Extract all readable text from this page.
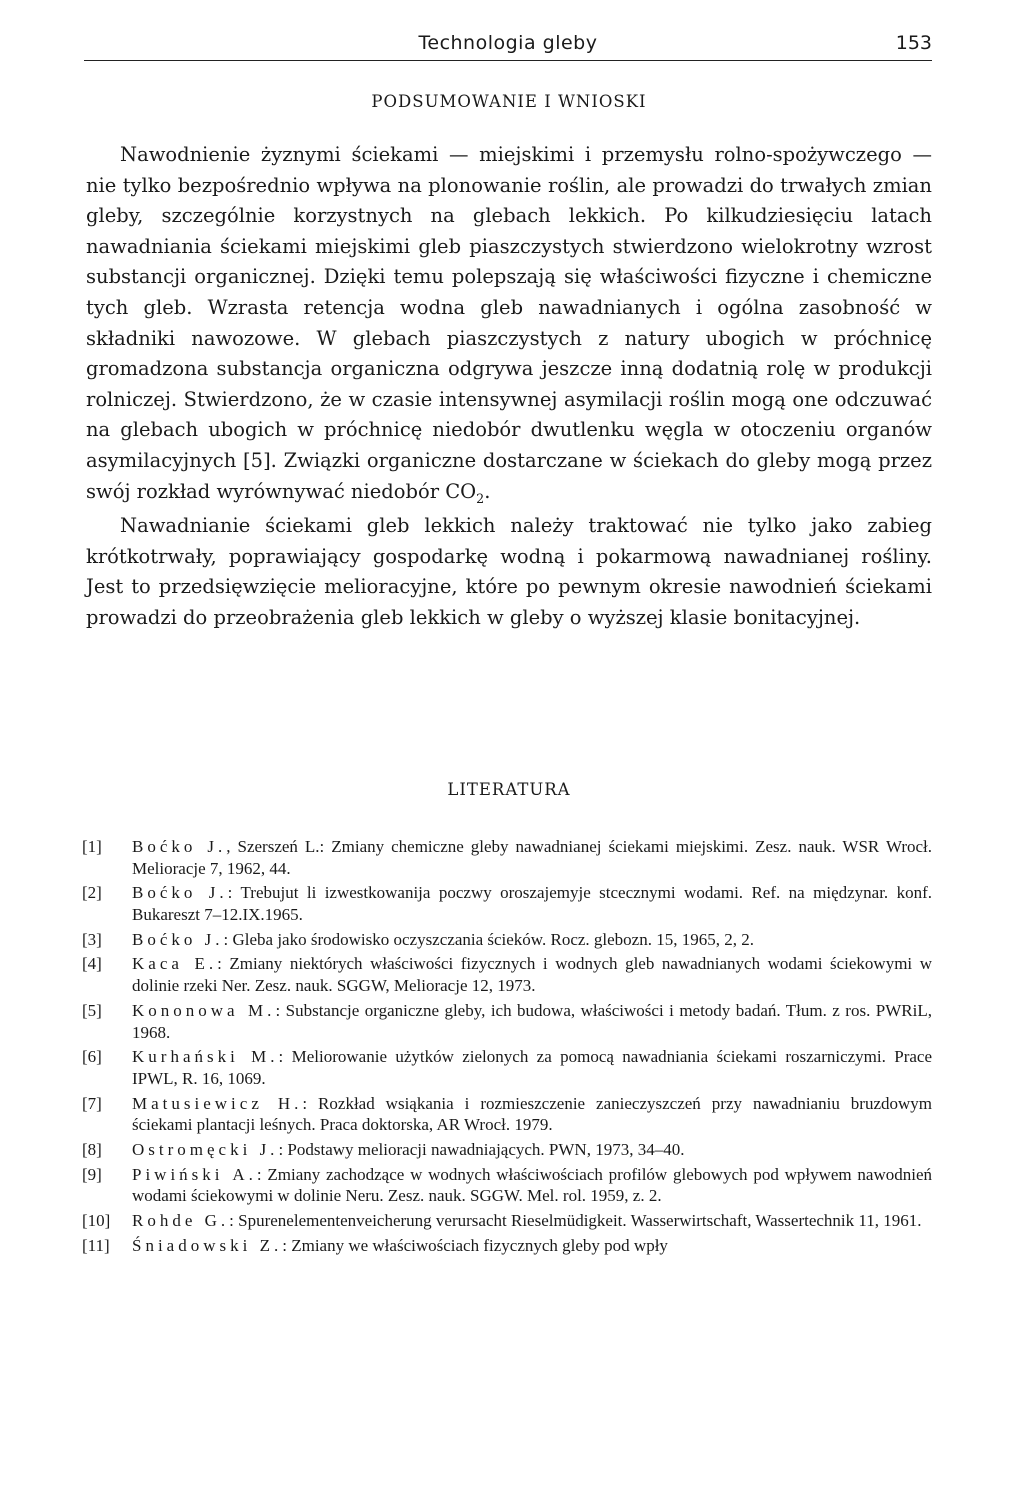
Technologia gleby	153
PODSUMOWANIE I WNIOSKI

Nawodnienie żyznymi ściekami — miejskimi i przemysłu rolno-spożywczego — nie tylko bezpośrednio wpływa na plonowanie roślin, ale prowadzi do trwałych zmian gleby, szczególnie korzystnych na glebach lekkich. Po kilkudziesięciu latach nawadniania ściekami miejskimi gleb piaszczystych stwierdzono wielokrotny wzrost substancji organicznej. Dzięki temu polepszają się właściwości fizyczne i chemiczne tych gleb. Wzrasta retencja wodna gleb nawadnianych i ogólna zasobność w składniki nawozowe. W glebach piaszczystych z natury ubogich w próchnicę gromadzona substancja organiczna odgrywa jeszcze inną dodatnią rolę w produkcji rolniczej. Stwierdzono, że w czasie intensywnej asymilacji roślin mogą one odczuwać na glebach ubogich w próchnicę niedobór dwutlenku węgla w otoczeniu organów asymilacyjnych [5]. Związki organiczne dostarczane w ściekach do gleby mogą przez swój rozkład wyrównywać niedobór $CO_2$.

Nawadnianie ściekami gleb lekkich należy traktować nie tylko jako zabieg krótkotrwały, poprawiający gospodarkę wodną i pokarmową nawadnianej rośliny. Jest to przedsięwzięcie melioracyjne, które po pewnym okresie nawodnień ściekami prowadzi do przeobrażenia gleb lekkich w gleby o wyższej klasie bonitacyjnej.

LITERATURA
[1]	Boćko J., Szerszeń L.: Zmiany chemiczne gleby nawadnianej ściekami miejskimi. Zesz. nauk. WSR Wrocł. Melioracje 7, 1962, 44.
[2]	Boćko J.: Trebujut li izwestkowanija poczwy oroszajemyje stcecznymi wodami. Ref. na międzynar. konf. Bukareszt 7–12.IX.1965.
[3]	Boćko J.: Gleba jako środowisko oczyszczania ścieków. Rocz. glebozn. 15, 1965, 2, 2.
[4]	Kaca E.: Zmiany niektórych właściwości fizycznych i wodnych gleb nawadnianych wodami ściekowymi w dolinie rzeki Ner. Zesz. nauk. SGGW, Melioracje 12, 1973.
[5]	Kononowa M.: Substancje organiczne gleby, ich budowa, właściwości i metody badań. Tłum. z ros. PWRiL, 1968.
[6]	Kurhański M.: Meliorowanie użytków zielonych za pomocą nawadniania ściekami roszarniczymi. Prace IPWL, R. 16, 1069.
[7]	Matusiewicz H.: Rozkład wsiąkania i rozmieszczenie zanieczyszczeń przy nawadnianiu bruzdowym ściekami plantacji leśnych. Praca doktorska, AR Wrocł. 1979.
[8]	Ostromęcki J.: Podstawy melioracji nawadniających. PWN, 1973, 34–40.
[9]	Piwiński A.: Zmiany zachodzące w wodnych właściwościach profilów glebowych pod wpływem nawodnień wodami ściekowymi w dolinie Neru. Zesz. nauk. SGGW. Mel. rol. 1959, z. 2.
[10]	Rohde G.: Spurenelementenveicherung verursacht Rieselmüdigkeit. Wasserwirtschaft, Wassertechnik 11, 1961.
[11]	Śniadowski Z.: Zmiany we właściwościach fizycznych gleby pod wpły
